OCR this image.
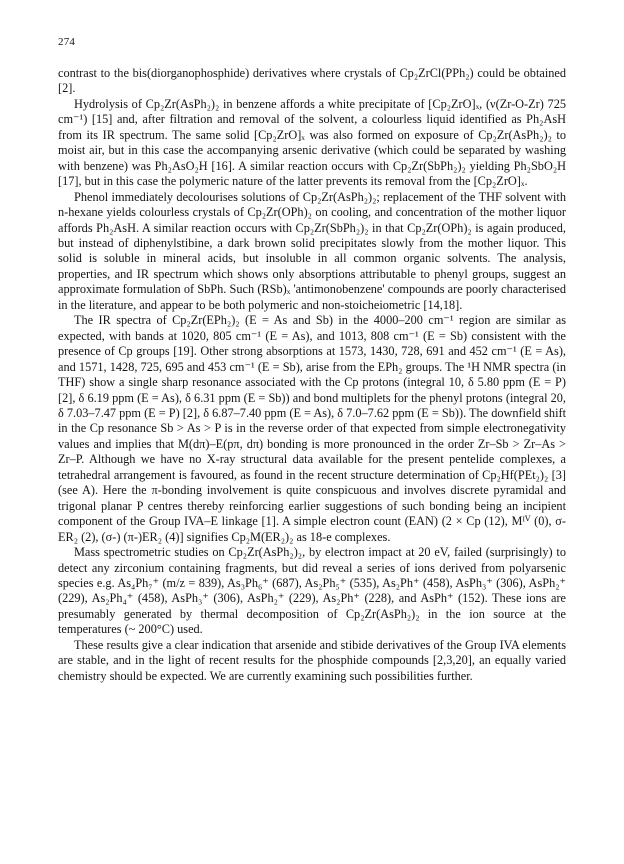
274

contrast to the bis(diorganophosphide) derivatives where crystals of Cp₂ZrCl(PPh₂) could be obtained [2].

Hydrolysis of Cp₂Zr(AsPh₂)₂ in benzene affords a white precipitate of [Cp₂ZrO]ₓ, (ν(Zr-O-Zr) 725 cm⁻¹) [15] and, after filtration and removal of the solvent, a colourless liquid identified as Ph₂AsH from its IR spectrum. The same solid [Cp₂ZrO]ₓ was also formed on exposure of Cp₂Zr(AsPh₂)₂ to moist air, but in this case the accompanying arsenic derivative (which could be separated by washing with benzene) was Ph₂AsO₂H [16]. A similar reaction occurs with Cp₂Zr(SbPh₂)₂ yielding Ph₂SbO₂H [17], but in this case the polymeric nature of the latter prevents its removal from the [Cp₂ZrO]ₓ.

Phenol immediately decolourises solutions of Cp₂Zr(AsPh₂)₂; replacement of the THF solvent with n-hexane yields colourless crystals of Cp₂Zr(OPh)₂ on cooling, and concentration of the mother liquor affords Ph₂AsH. A similar reaction occurs with Cp₂Zr(SbPh₂)₂ in that Cp₂Zr(OPh)₂ is again produced, but instead of diphenylstibine, a dark brown solid precipitates slowly from the mother liquor. This solid is soluble in mineral acids, but insoluble in all common organic solvents. The analysis, properties, and IR spectrum which shows only absorptions attributable to phenyl groups, suggest an approximate formulation of SbPh. Such (RSb)ₓ 'antimonobenzene' compounds are poorly characterised in the literature, and appear to be both polymeric and non-stoicheiometric [14,18].

The IR spectra of Cp₂Zr(EPh₂)₂ (E = As and Sb) in the 4000–200 cm⁻¹ region are similar as expected, with bands at 1020, 805 cm⁻¹ (E = As), and 1013, 808 cm⁻¹ (E = Sb) consistent with the presence of Cp groups [19]. Other strong absorptions at 1573, 1430, 728, 691 and 452 cm⁻¹ (E = As), and 1571, 1428, 725, 695 and 453 cm⁻¹ (E = Sb), arise from the EPh₂ groups. The ¹H NMR spectra (in THF) show a single sharp resonance associated with the Cp protons (integral 10, δ 5.80 ppm (E = P) [2], δ 6.19 ppm (E = As), δ 6.31 ppm (E = Sb)) and bond multiplets for the phenyl protons (integral 20, δ 7.03–7.47 ppm (E = P) [2], δ 6.87–7.40 ppm (E = As), δ 7.0–7.62 ppm (E = Sb)). The downfield shift in the Cp resonance Sb > As > P is in the reverse order of that expected from simple electronegativity values and implies that M(dπ)–E(pπ, dπ) bonding is more pronounced in the order Zr–Sb > Zr–As > Zr–P. Although we have no X-ray structural data available for the present pentelide complexes, a tetrahedral arrangement is favoured, as found in the recent structure determination of Cp₂Hf(PEt₂)₂ [3] (see A). Here the π-bonding involvement is quite conspicuous and involves discrete pyramidal and trigonal planar P centres thereby reinforcing earlier suggestions of such bonding being an incipient component of the Group IVA–E linkage [1]. A simple electron count (EAN) (2 × Cp (12), Mᴵⱽ (0), σ-ER₂ (2), (σ-) (π-)ER₂ (4)] signifies Cp₂M(ER₂)₂ as 18-e complexes.

Mass spectrometric studies on Cp₂Zr(AsPh₂)₂, by electron impact at 20 eV, failed (surprisingly) to detect any zirconium containing fragments, but did reveal a series of ions derived from polyarsenic species e.g. As₄Ph₇⁺ (m/z = 839), As₃Ph₆⁺ (687), As₂Ph₅⁺ (535), As₂Ph⁺ (458), AsPh₃⁺ (306), AsPh₂⁺ (229), As₂Ph₄⁺ (458), AsPh₃⁺ (306), AsPh₂⁺ (229), As₂Ph⁺ (228), and AsPh⁺ (152). These ions are presumably generated by thermal decomposition of Cp₂Zr(AsPh₂)₂ in the ion source at the temperatures (~ 200°C) used.

These results give a clear indication that arsenide and stibide derivatives of the Group IVA elements are stable, and in the light of recent results for the phosphide compounds [2,3,20], an equally varied chemistry should be expected. We are currently examining such possibilities further.
